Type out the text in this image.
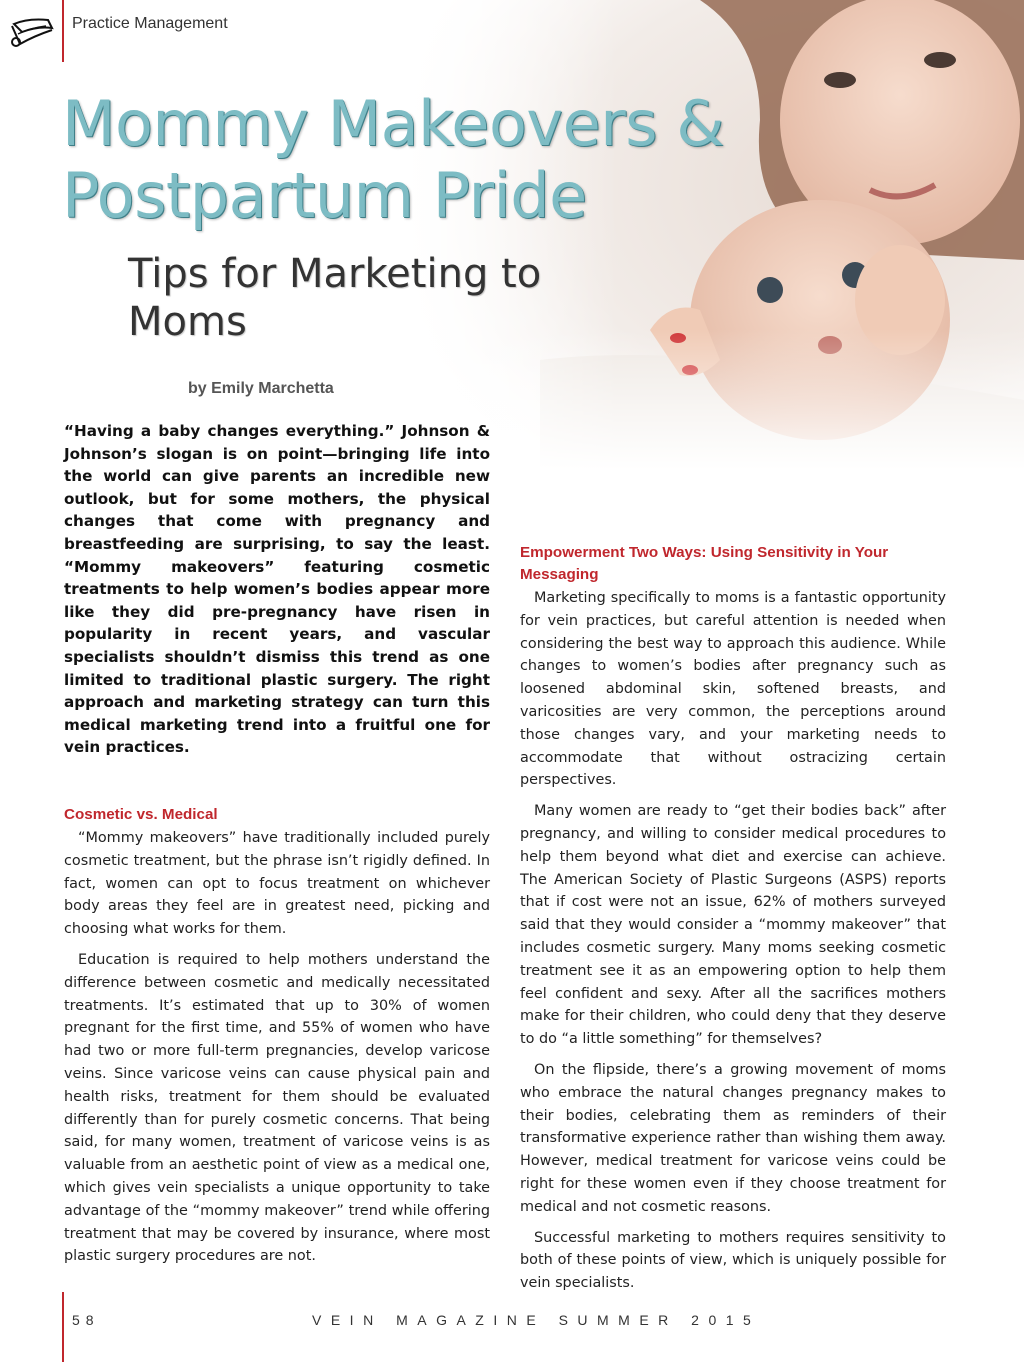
Practice Management
Mommy Makeovers & Postpartum Pride
Tips for Marketing to Moms
by Emily Marchetta

“Having a baby changes everything.” Johnson & Johnson’s slogan is on point—bringing life into the world can give parents an incredible new outlook, but for some mothers, the physical changes that come with pregnancy and breastfeeding are surprising, to say the least. “Mommy makeovers” featuring cosmetic treatments to help women’s bodies appear more like they did pre-pregnancy have risen in popularity in recent years, and vascular specialists shouldn’t dismiss this trend as one limited to traditional plastic surgery. The right approach and marketing strategy can turn this medical marketing trend into a fruitful one for vein practices.

Cosmetic vs. Medical

“Mommy makeovers” have traditionally included purely cosmetic treatment, but the phrase isn’t rigidly defined. In fact, women can opt to focus treatment on whichever body areas they feel are in greatest need, picking and choosing what works for them.

Education is required to help mothers understand the difference between cosmetic and medically necessitated treatments. It’s estimated that up to 30% of women pregnant for the first time, and 55% of women who have had two or more full-term pregnancies, develop varicose veins. Since varicose veins can cause physical pain and health risks, treatment for them should be evaluated differently than for purely cosmetic concerns. That being said, for many women, treatment of varicose veins is as valuable from an aesthetic point of view as a medical one, which gives vein specialists a unique opportunity to take advantage of the “mommy makeover” trend while offering treatment that may be covered by insurance, where most plastic surgery procedures are not.

Empowerment Two Ways: Using Sensitivity in Your Messaging

Marketing specifically to moms is a fantastic opportunity for vein practices, but careful attention is needed when considering the best way to approach this audience. While changes to women’s bodies after pregnancy such as loosened abdominal skin, softened breasts, and varicosities are very common, the perceptions around those changes vary, and your marketing needs to accommodate that without ostracizing certain perspectives.

Many women are ready to “get their bodies back” after pregnancy, and willing to consider medical procedures to help them beyond what diet and exercise can achieve. The American Society of Plastic Surgeons (ASPS) reports that if cost were not an issue, 62% of mothers surveyed said that they would consider a “mommy makeover” that includes cosmetic surgery. Many moms seeking cosmetic treatment see it as an empowering option to help them feel confident and sexy. After all the sacrifices mothers make for their children, who could deny that they deserve to do “a little something” for themselves?

On the flipside, there’s a growing movement of moms who embrace the natural changes pregnancy makes to their bodies, celebrating them as reminders of their transformative experience rather than wishing them away. However, medical treatment for varicose veins could be right for these women even if they choose treatment for medical and not cosmetic reasons.

Successful marketing to mothers requires sensitivity to both of these points of view, which is uniquely possible for vein specialists.

58	VEIN MAGAZINE SUMMER 2015
